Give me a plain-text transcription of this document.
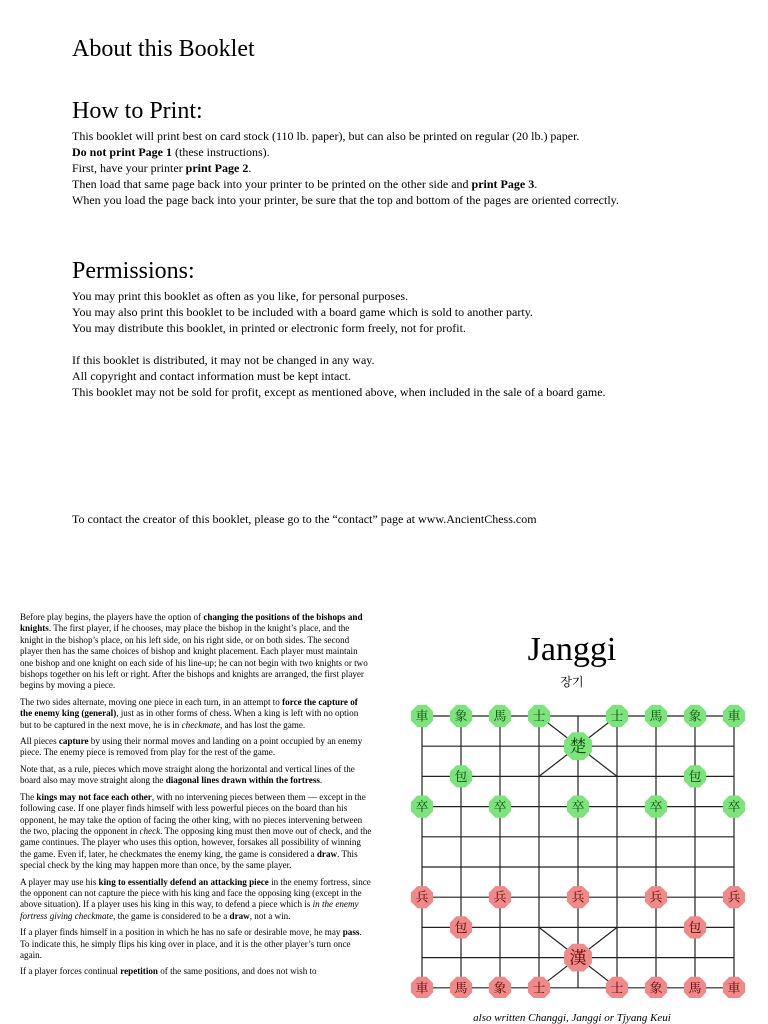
About this Booklet
How to Print:
This booklet will print best on card stock (110 lb. paper), but can also be printed on regular (20 lb.) paper.
Do not print Page 1 (these instructions).
First, have your printer print Page 2.
Then load that same page back into your printer to be printed on the other side and print Page 3.
When you load the page back into your printer, be sure that the top and bottom of the pages are oriented correctly.
Permissions:
You may print this booklet as often as you like, for personal purposes.
You may also print this booklet to be included with a board game which is sold to another party.
You may distribute this booklet, in printed or electronic form freely, not for profit.
If this booklet is distributed, it may not be changed in any way.
All copyright and contact information must be kept intact.
This booklet may not be sold for profit, except as mentioned above, when included in the sale of a board game.
To contact the creator of this booklet, please go to the “contact” page at www.AncientChess.com

Before play begins, the players have the option of changing the positions of the bishops and knights. The first player, if he chooses, may place the bishop in the knight’s place, and the knight in the bishop’s place, on his left side, on his right side, or on both sides. The second player then has the same choices of bishop and knight placement. Each player must maintain one bishop and one knight on each side of his line-up; he can not begin with two knights or two bishops together on his left or right. After the bishops and knights are arranged, the first player begins by moving a piece.

The two sides alternate, moving one piece in each turn, in an attempt to force the capture of the enemy king (general), just as in other forms of chess. When a king is left with no option but to be captured in the next move, he is in checkmate, and has lost the game.

All pieces capture by using their normal moves and landing on a point occupied by an enemy piece. The enemy piece is removed from play for the rest of the game.

Note that, as a rule, pieces which move straight along the horizontal and vertical lines of the board also may move straight along the diagonal lines drawn within the fortress.

The kings may not face each other, with no intervening pieces between them — except in the following case. If one player finds himself with less powerful pieces on the board than his opponent, he may take the option of facing the other king, with no pieces intervening between the two, placing the opponent in check. The opposing king must then move out of check, and the game continues. The player who uses this option, however, forsakes all possibility of winning the game. Even if, later, he checkmates the enemy king, the game is considered a draw. This special check by the king may happen more than once, by the same player.

A player may use his king to essentially defend an attacking piece in the enemy fortress, since the opponent can not capture the piece with his king and face the opposing king (except in the above situation). If a player uses his king in this way, to defend a piece which is in the enemy fortress giving checkmate, the game is considered to be a draw, not a win.

If a player finds himself in a position in which he has no safe or desirable move, he may pass. To indicate this, he simply flips his king over in place, and it is the other player’s turn once again.

If a player forces continual repetition of the same positions, and does not wish to

Janggi
장기
車 象 馬 士	士 馬 象 車
楚
包	包
卒	卒	卒	卒	卒
兵	兵	兵	兵	兵
包	包
漢
車 馬 象 士	士 象 馬 車
also written Changgi, Janggi or Tjyang Keui
